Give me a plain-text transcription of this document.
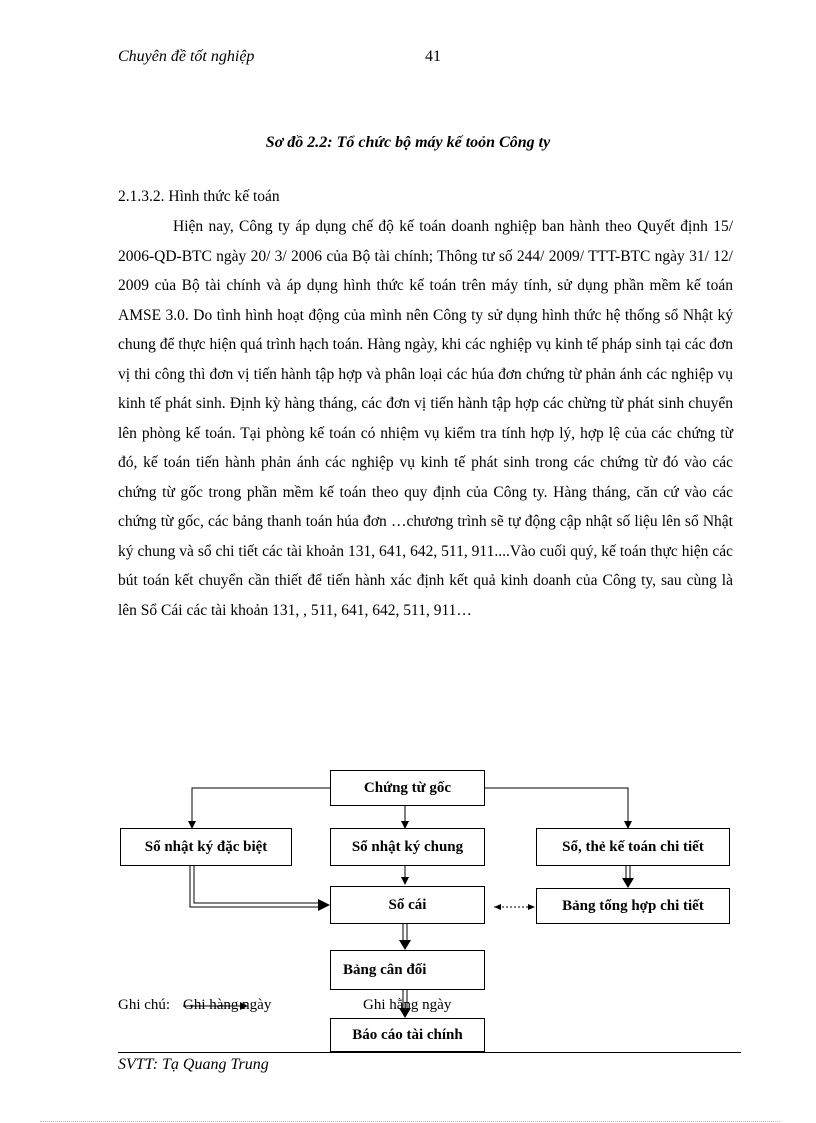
Chuyên đề tốt nghiệp	41
Sơ đồ 2.2: Tổ chức bộ máy kế toỏn Công ty
2.1.3.2. Hình thức kế toán

Hiện nay, Công ty áp dụng chế độ kế toán doanh nghiệp ban hành theo Quyết định 15/ 2006-QD-BTC ngày 20/ 3/ 2006 của Bộ tài chính; Thông tư số 244/ 2009/ TTT-BTC ngày 31/ 12/ 2009 của Bộ tài chính và áp dụng hình thức kế toán trên máy tính, sử dụng phần mềm kế toán AMSE 3.0. Do tình hình hoạt động của mình nên Công ty sử dụng hình thức hệ thống sổ Nhật ký chung để thực hiện quá trình hạch toán. Hàng ngày, khi các nghiệp vụ kinh tế pháp sinh tại các đơn vị thi công thì đơn vị tiến hành tập hợp và phân loại các húa đơn chứng từ phản ánh các nghiệp vụ kinh tế phát sinh. Định kỳ hàng tháng, các đơn vị tiến hành tập hợp các chừng từ phát sinh chuyển lên phòng kế toán. Tại phòng kế toán có nhiệm vụ kiểm tra tính hợp lý, hợp lệ của các chứng từ đó, kế toán tiến hành phản ánh các nghiệp vụ kinh tế phát sinh trong các chứng từ đó vào các chứng từ gốc trong phần mềm kế toán theo quy định của Công ty. Hàng tháng, căn cứ vào các chứng từ gốc, các bảng thanh toán húa đơn …chương trình sẽ tự động cập nhật số liệu lên sổ Nhật ký chung và sổ chi tiết các tài khoản 131, 641, 642, 511, 911....Vào cuối quý, kế toán thực hiện các bút toán kết chuyển cần thiết để tiến hành xác định kết quả kinh doanh của Công ty, sau cùng là lên Sổ Cái các tài khoản 131, , 511, 641, 642, 511, 911…

Chứng từ gốc
Sổ nhật ký đặc biệt	Sổ nhật ký chung	Sổ, thẻ kế toán chi tiết
Sổ cái	Bảng tổng hợp chi tiết
Bảng cân đối
Báo cáo tài chính
Ghi chú: Ghi hàng ngày	Ghi hằng ngày
SVTT: Tạ Quang Trung
